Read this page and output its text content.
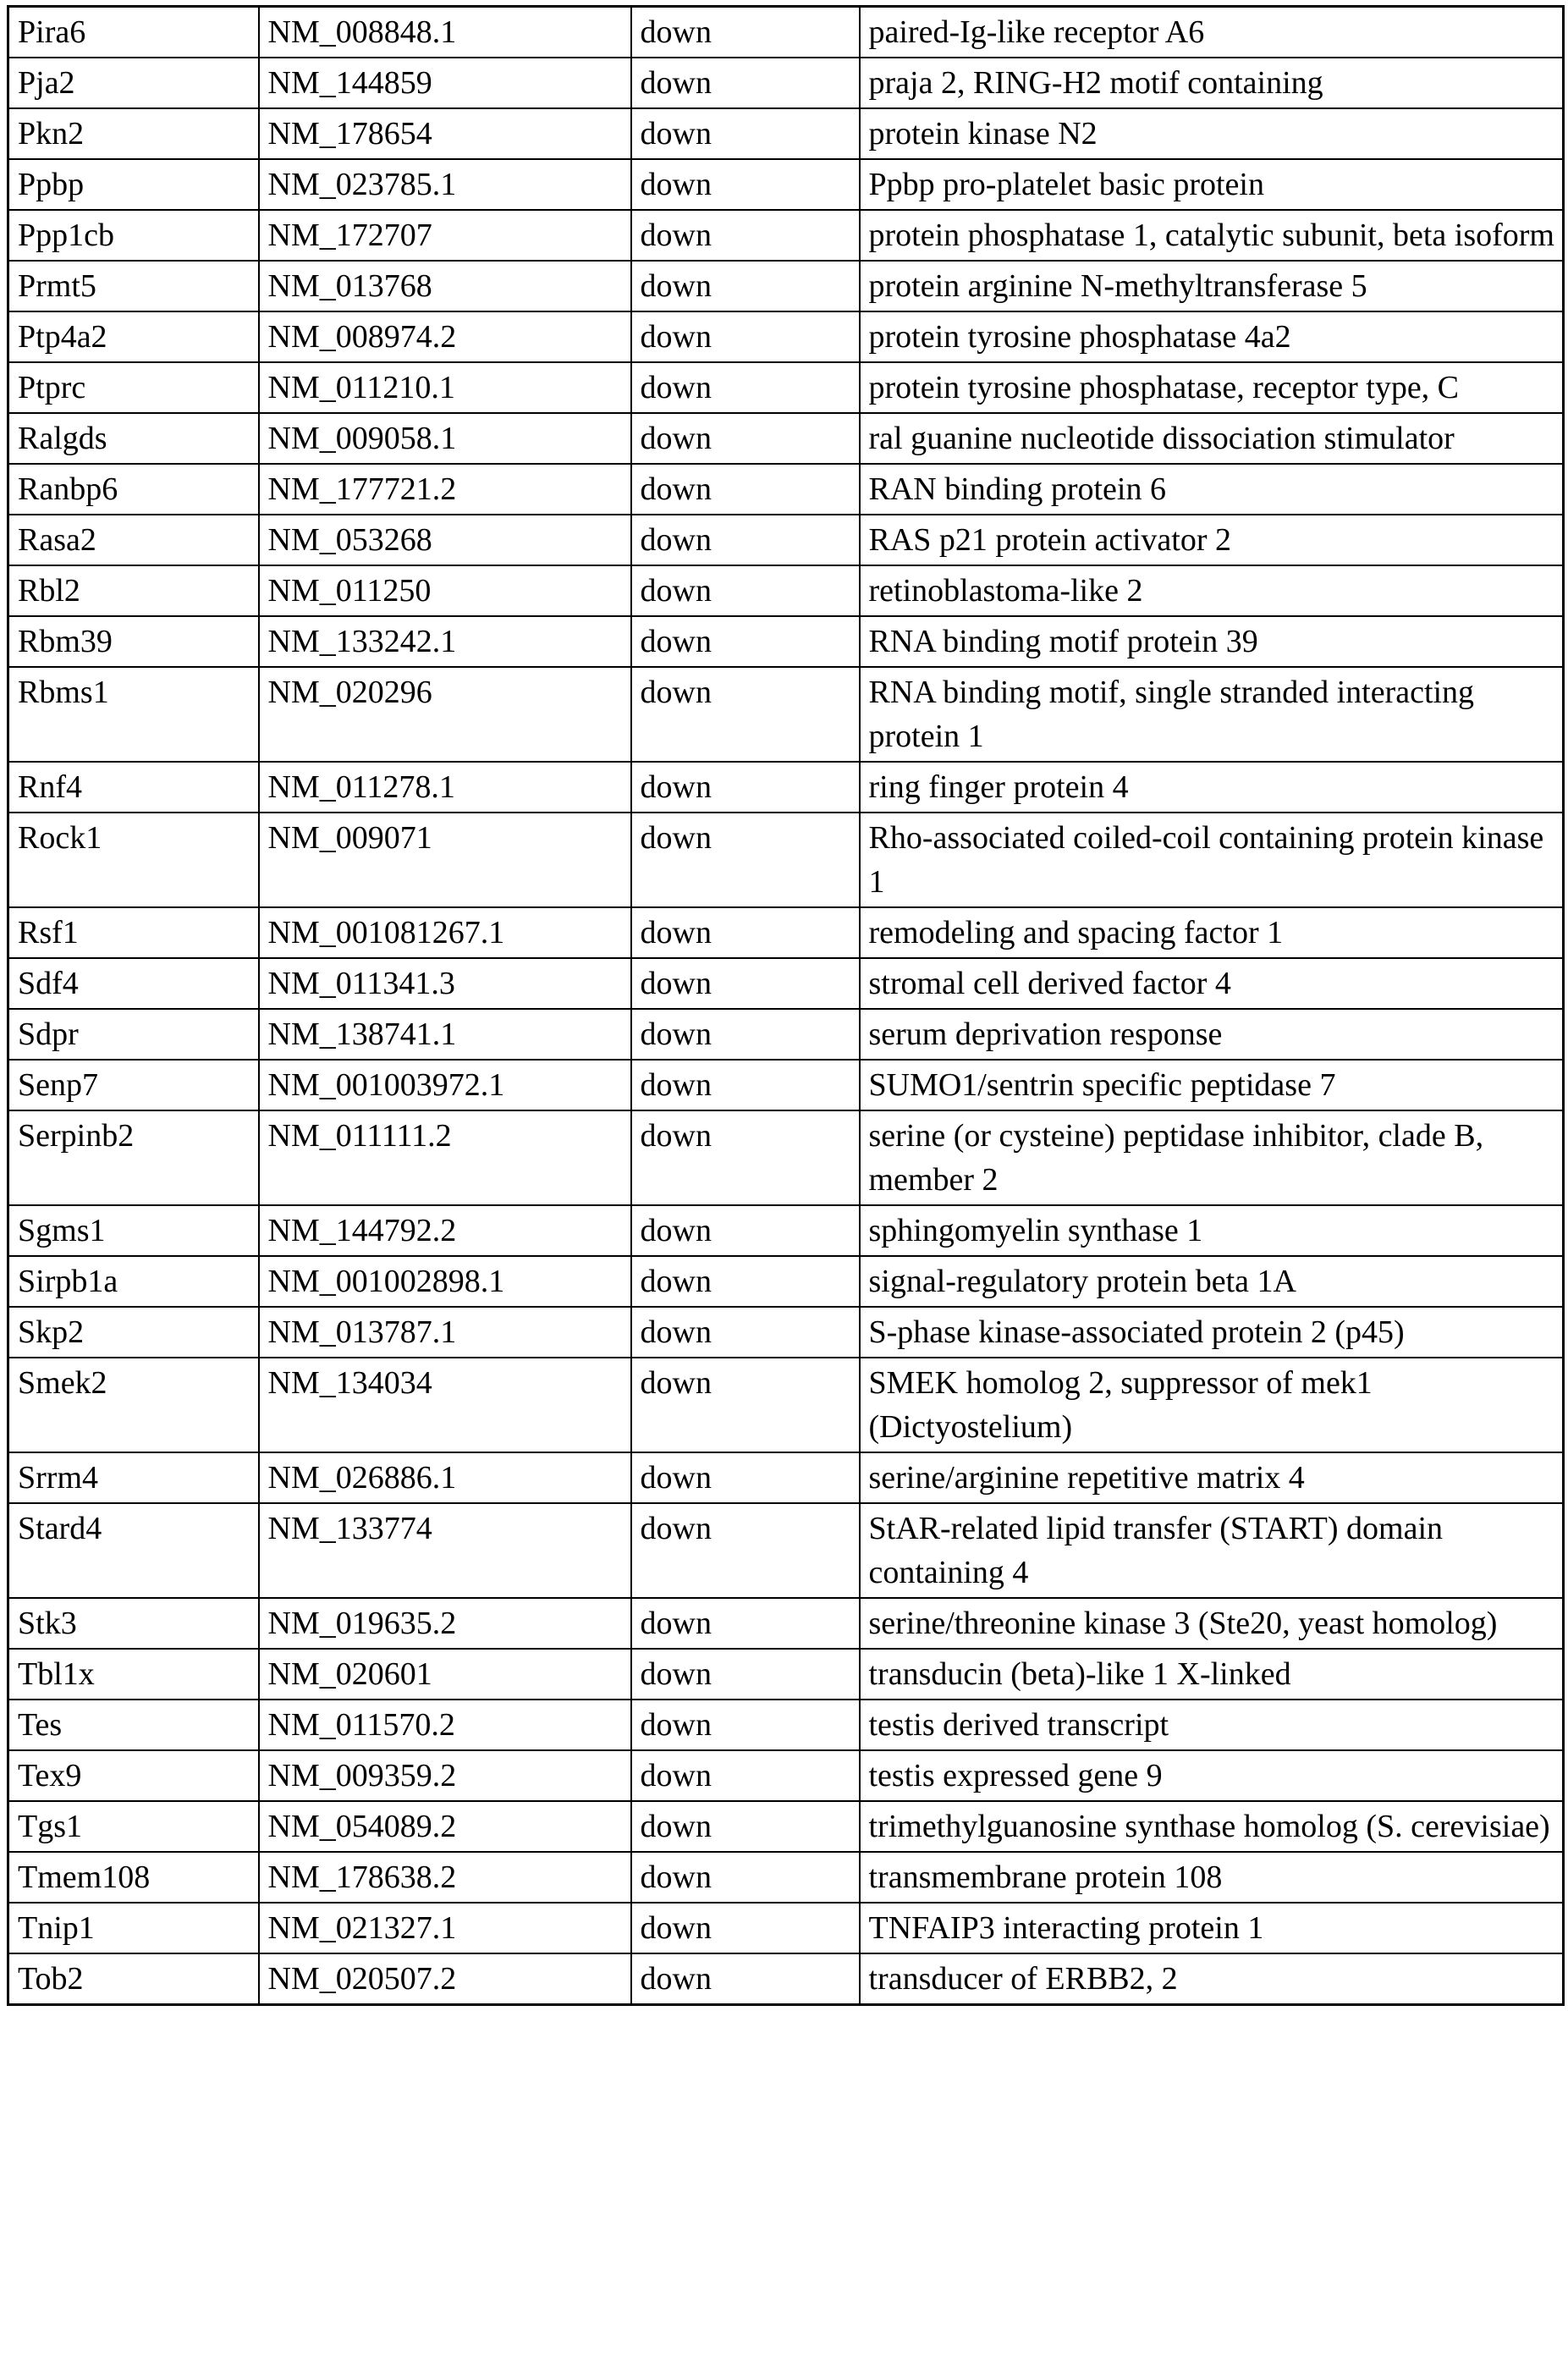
Pira6	NM_008848.1	down	paired-Ig-like receptor A6
Pja2	NM_144859	down	praja 2, RING-H2 motif containing
Pkn2	NM_178654	down	protein kinase N2
Ppbp	NM_023785.1	down	Ppbp pro-platelet basic protein
Ppp1cb	NM_172707	down	protein phosphatase 1, catalytic subunit, beta isoform
Prmt5	NM_013768	down	protein arginine N-methyltransferase 5
Ptp4a2	NM_008974.2	down	protein tyrosine phosphatase 4a2
Ptprc	NM_011210.1	down	protein tyrosine phosphatase, receptor type, C
Ralgds	NM_009058.1	down	ral guanine nucleotide dissociation stimulator
Ranbp6	NM_177721.2	down	RAN binding protein 6
Rasa2	NM_053268	down	RAS p21 protein activator 2
Rbl2	NM_011250	down	retinoblastoma-like 2
Rbm39	NM_133242.1	down	RNA binding motif protein 39
Rbms1	NM_020296	down	RNA binding motif, single stranded interacting protein 1
Rnf4	NM_011278.1	down	ring finger protein 4
Rock1	NM_009071	down	Rho-associated coiled-coil containing protein kinase 1
Rsf1	NM_001081267.1	down	remodeling and spacing factor 1
Sdf4	NM_011341.3	down	stromal cell derived factor 4
Sdpr	NM_138741.1	down	serum deprivation response
Senp7	NM_001003972.1	down	SUMO1/sentrin specific peptidase 7
Serpinb2	NM_011111.2	down	serine (or cysteine) peptidase inhibitor, clade B, member 2
Sgms1	NM_144792.2	down	sphingomyelin synthase 1
Sirpb1a	NM_001002898.1	down	signal-regulatory protein beta 1A
Skp2	NM_013787.1	down	S-phase kinase-associated protein 2 (p45)
Smek2	NM_134034	down	SMEK homolog 2, suppressor of mek1 (Dictyostelium)
Srrm4	NM_026886.1	down	serine/arginine repetitive matrix 4
Stard4	NM_133774	down	StAR-related lipid transfer (START) domain containing 4
Stk3	NM_019635.2	down	serine/threonine kinase 3 (Ste20, yeast homolog)
Tbl1x	NM_020601	down	transducin (beta)-like 1 X-linked
Tes	NM_011570.2	down	testis derived transcript
Tex9	NM_009359.2	down	testis expressed gene 9
Tgs1	NM_054089.2	down	trimethylguanosine synthase homolog (S. cerevisiae)
Tmem108	NM_178638.2	down	transmembrane protein 108
Tnip1	NM_021327.1	down	TNFAIP3 interacting protein 1
Tob2	NM_020507.2	down	transducer of ERBB2, 2
